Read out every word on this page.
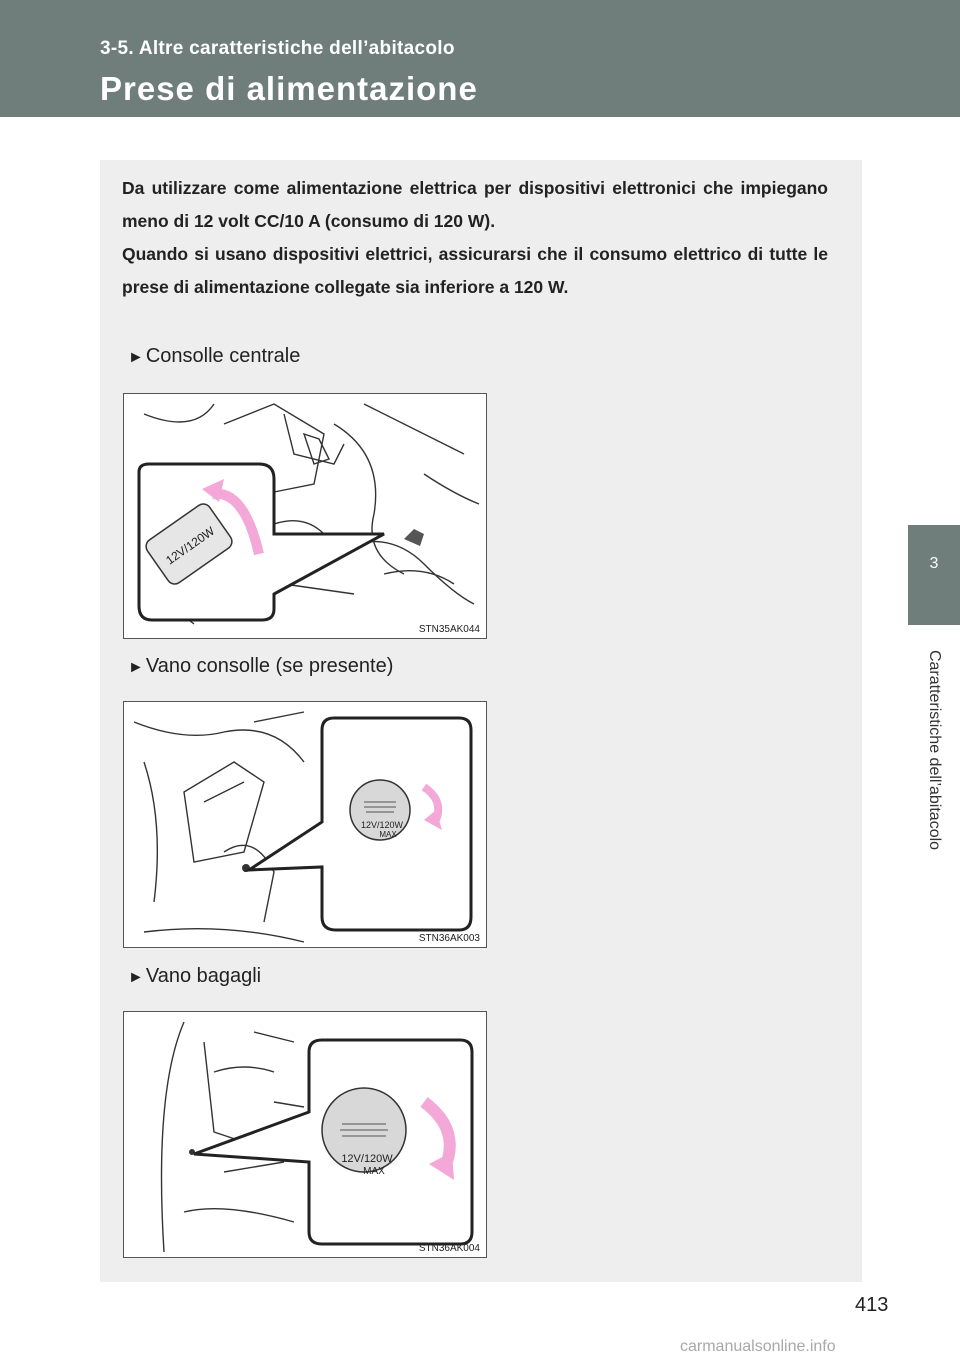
3-5. Altre caratteristiche dell’abitacolo
Prese di alimentazione
3
Caratteristiche dell’abitacolo

Da utilizzare come alimentazione elettrica per dispositivi elettronici che impiegano meno di 12 volt CC/10 A (consumo di 120 W).

Quando si usano dispositivi elettrici, assicurarsi che il consumo elettrico di tutte le prese di alimentazione collegate sia inferiore a 120 W.

► Consolle centrale
12V/120W
STN35AK044
► Vano consolle (se presente)
12V/120W
MAX
STN36AK003
► Vano bagagli
12V/120W
MAX
STN36AK004
413
carmanualsonline.info
